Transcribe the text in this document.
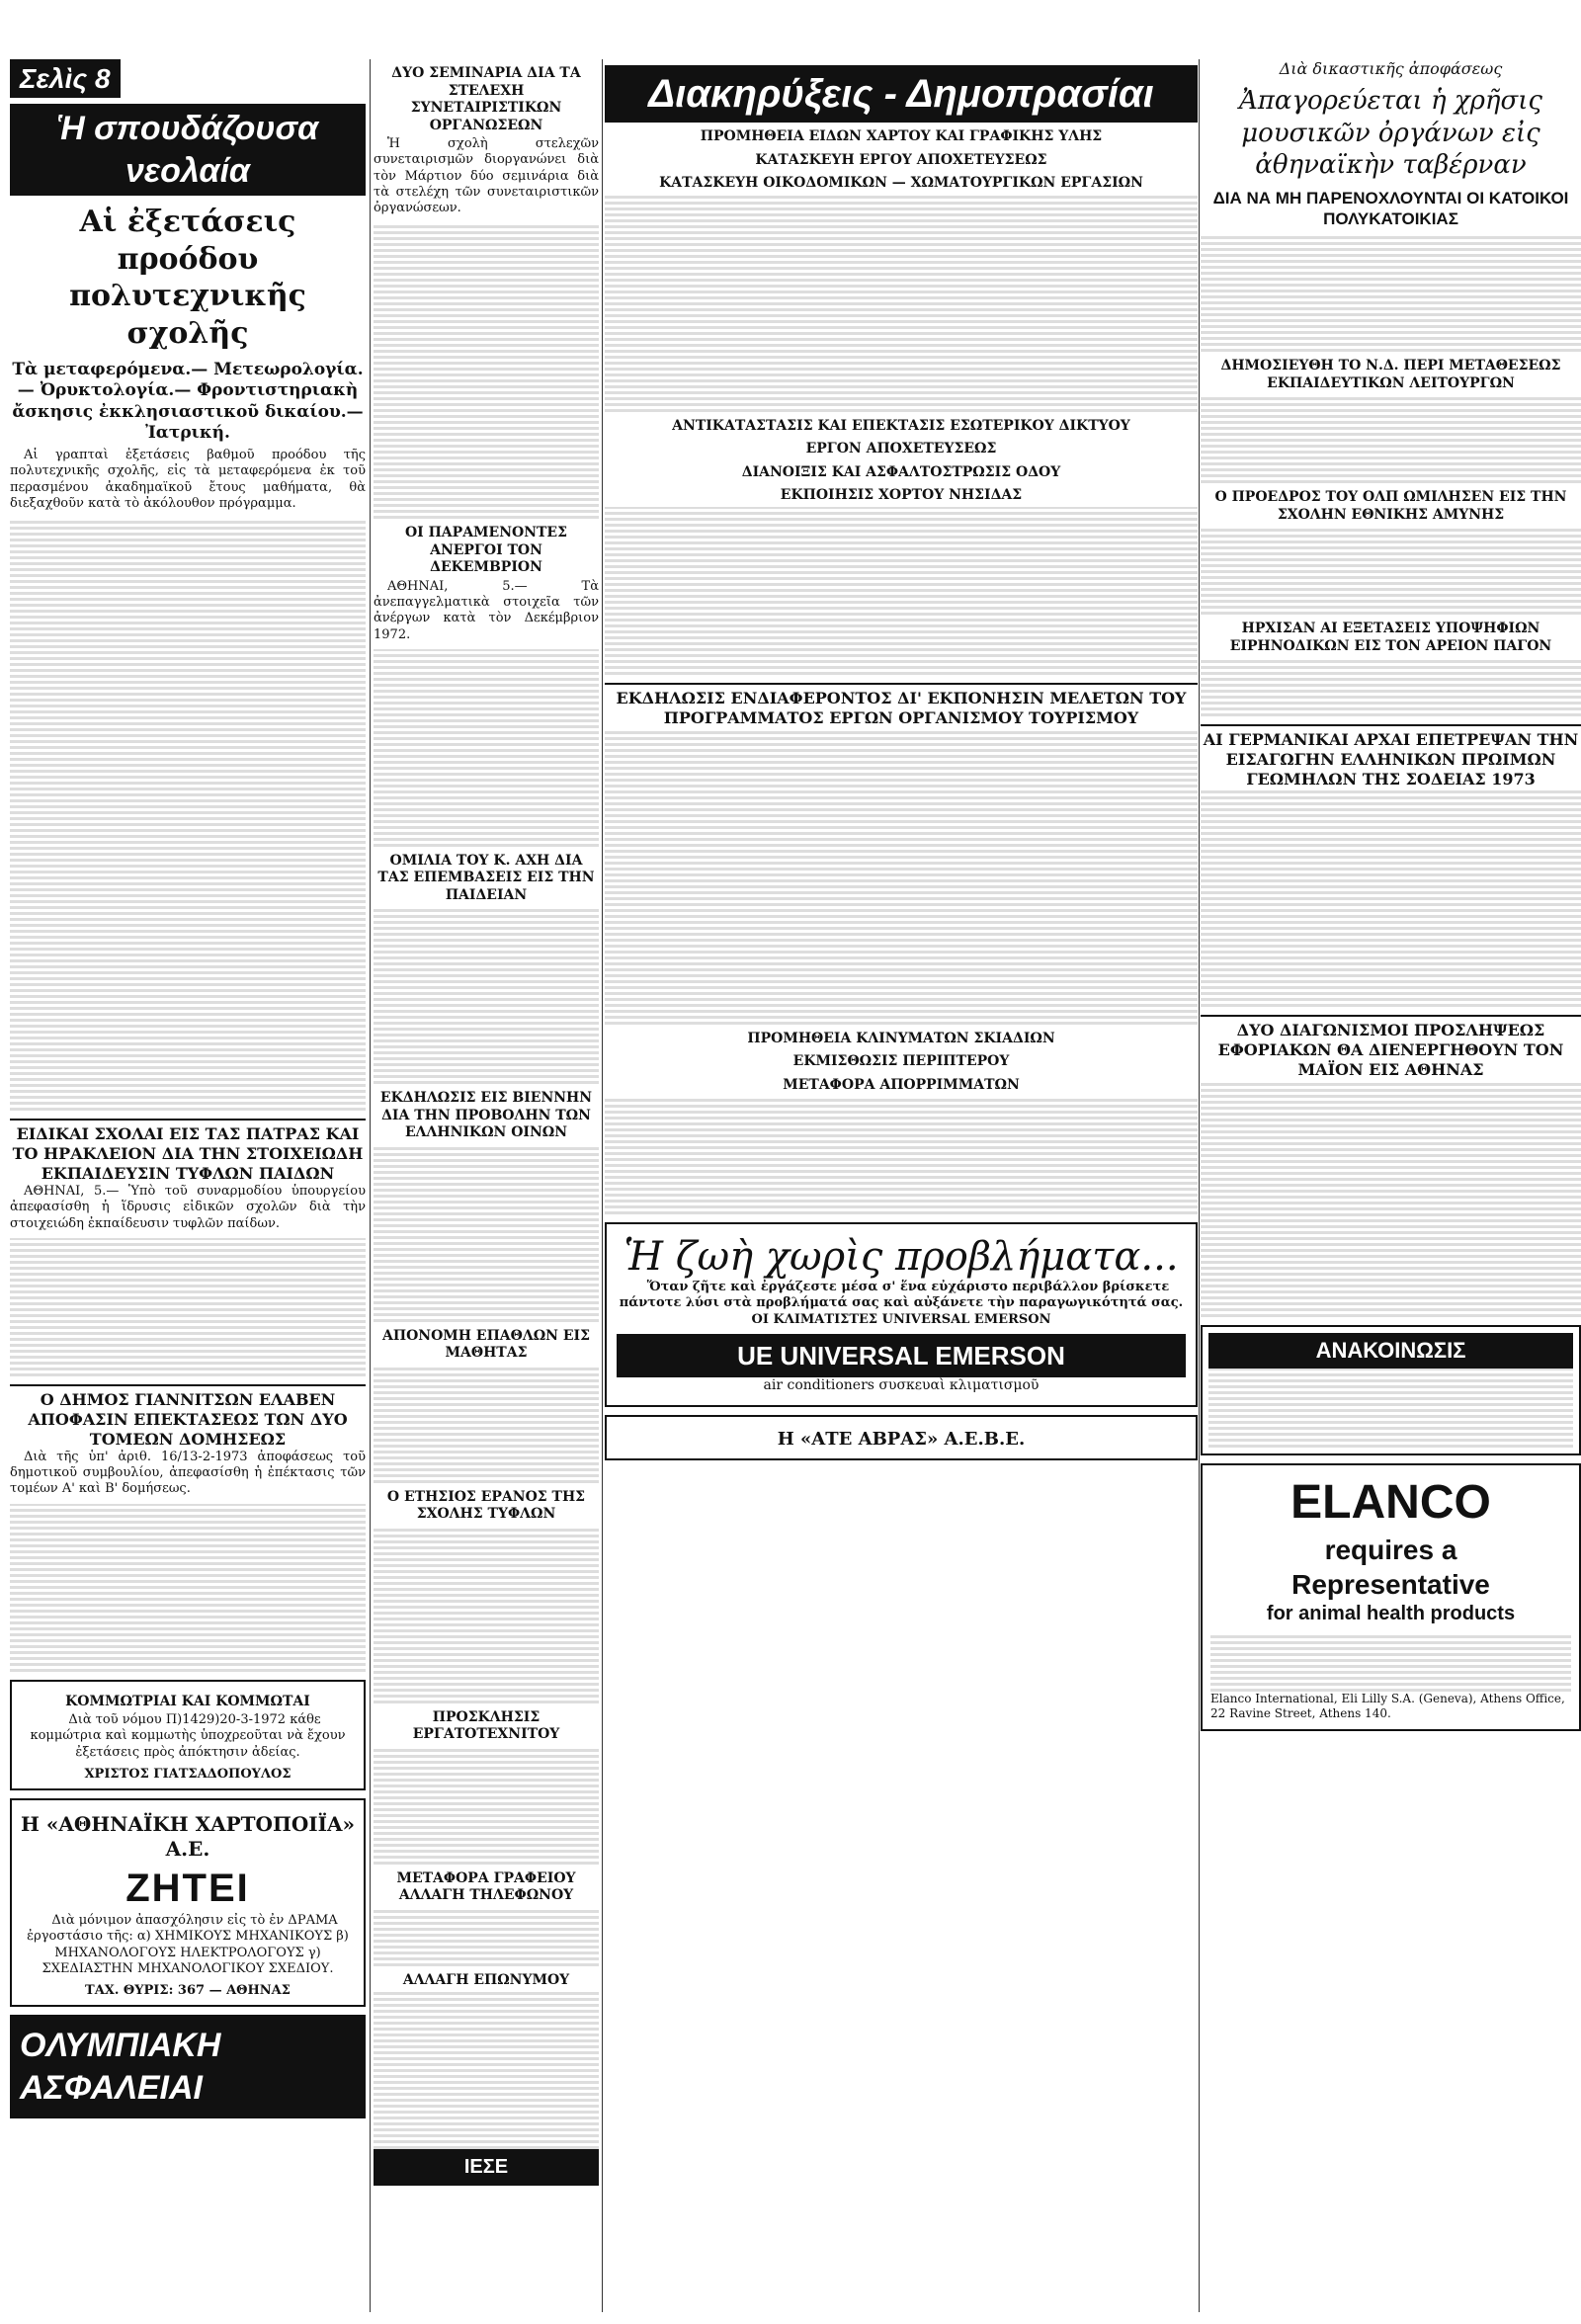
Σελὶς 8
Ἡ σπουδάζουσα νεολαία
Αἱ ἐξετάσεις προόδου πολυτεχνικῆς σχολῆς
Τὰ μεταφερόμενα.— Μετεωρολογία.— Ὀρυκτολογία.— Φροντιστηριακὴ ἄσκησις ἐκκλησιαστικοῦ δικαίου.— Ἰατρική.

Αἱ γραπταὶ ἐξετάσεις βαθμοῦ προόδου τῆς πολυτεχνικῆς σχολῆς, εἰς τὰ μεταφερόμενα ἐκ τοῦ περασμένου ἀκαδημαϊκοῦ ἔτους μαθήματα, θὰ διεξαχθοῦν κατὰ τὸ ἀκόλουθον πρόγραμμα.

ΕΙΔΙΚΑΙ ΣΧΟΛΑΙ ΕΙΣ ΤΑΣ ΠΑΤΡΑΣ ΚΑΙ ΤΟ ΗΡΑΚΛΕΙΟΝ ΔΙΑ ΤΗΝ ΣΤΟΙΧΕΙΩΔΗ ΕΚΠΑΙΔΕΥΣΙΝ ΤΥΦΛΩΝ ΠΑΙΔΩΝ

ΑΘΗΝΑΙ, 5.— Ὑπὸ τοῦ συναρμοδίου ὑπουργείου ἀπεφασίσθη ἡ ἵδρυσις εἰδικῶν σχολῶν διὰ τὴν στοιχειώδη ἐκπαίδευσιν τυφλῶν παίδων.

Ο ΔΗΜΟΣ ΓΙΑΝΝΙΤΣΩΝ ΕΛΑΒΕΝ ΑΠΟΦΑΣΙΝ ΕΠΕΚΤΑΣΕΩΣ ΤΩΝ ΔΥΟ ΤΟΜΕΩΝ ΔΟΜΗΣΕΩΣ

Διὰ τῆς ὑπ' ἀριθ. 16/13-2-1973 ἀποφάσεως τοῦ δημοτικοῦ συμβουλίου, ἀπεφασίσθη ἡ ἐπέκτασις τῶν τομέων Α' καὶ Β' δομήσεως.

ΚΟΜΜΩΤΡΙΑΙ ΚΑΙ ΚΟΜΜΩΤΑΙ

Διὰ τοῦ νόμου Π)1429)20-3-1972 κάθε κομμώτρια καὶ κομμωτὴς ὑποχρεοῦται νὰ ἔχουν ἐξετάσεις πρὸς ἀπόκτησιν ἀδείας.

ΧΡΙΣΤΟΣ ΓΙΑΤΣΑΔΟΠΟΥΛΟΣ
Η «ΑΘΗΝΑΪΚΗ ΧΑΡΤΟΠΟΙΪΑ» Α.Ε.
ΖΗΤΕΙ

Διὰ μόνιμον ἀπασχόλησιν εἰς τὸ ἐν ΔΡΑΜΑ ἐργοστάσιο τῆς: α) ΧΗΜΙΚΟΥΣ ΜΗΧΑΝΙΚΟΥΣ β) ΜΗΧΑΝΟΛΟΓΟΥΣ ΗΛΕΚΤΡΟΛΟΓΟΥΣ γ) ΣΧΕΔΙΑΣΤΗΝ ΜΗΧΑΝΟΛΟΓΙΚΟΥ ΣΧΕΔΙΟΥ.

ΤΑΧ. ΘΥΡΙΣ: 367 — ΑΘΗΝΑΣ
ΟΛΥΜΠΙΑΚΗ ΑΣΦΑΛΕΙΑΙ
ΔΥΟ ΣΕΜΙΝΑΡΙΑ ΔΙΑ ΤΑ ΣΤΕΛΕΧΗ ΣΥΝΕΤΑΙΡΙΣΤΙΚΩΝ ΟΡΓΑΝΩΣΕΩΝ

Ἡ σχολὴ στελεχῶν συνεταιρισμῶν διοργανώνει διὰ τὸν Μάρτιον δύο σεμινάρια διὰ τὰ στελέχη τῶν συνεταιριστικῶν ὀργανώσεων.

ΟΙ ΠΑΡΑΜΕΝΟΝΤΕΣ ΑΝΕΡΓΟΙ ΤΟΝ ΔΕΚΕΜΒΡΙΟΝ

ΑΘΗΝΑΙ, 5.— Τὰ ἀνεπαγγελματικὰ στοιχεῖα τῶν ἀνέργων κατὰ τὸν Δεκέμβριον 1972.

ΟΜΙΛΙΑ ΤΟΥ Κ. ΑΧΗ ΔΙΑ ΤΑΣ ΕΠΕΜΒΑΣΕΙΣ ΕΙΣ ΤΗΝ ΠΑΙΔΕΙΑΝ
ΕΚΔΗΛΩΣΙΣ ΕΙΣ ΒΙΕΝΝΗΝ ΔΙΑ ΤΗΝ ΠΡΟΒΟΛΗΝ ΤΩΝ ΕΛΛΗΝΙΚΩΝ ΟΙΝΩΝ
ΑΠΟΝΟΜΗ ΕΠΑΘΛΩΝ ΕΙΣ ΜΑΘΗΤΑΣ
Ο ΕΤΗΣΙΟΣ ΕΡΑΝΟΣ ΤΗΣ ΣΧΟΛΗΣ ΤΥΦΛΩΝ
ΠΡΟΣΚΛΗΣΙΣ ΕΡΓΑΤΟΤΕΧΝΙΤΟΥ
ΜΕΤΑΦΟΡΑ ΓΡΑΦΕΙΟΥ ΑΛΛΑΓΗ ΤΗΛΕΦΩΝΟΥ
ΑΛΛΑΓΗ ΕΠΩΝΥΜΟΥ
ΙΕΣΕ
Διακηρύξεις - Δημοπρασίαι
ΠΡΟΜΗΘΕΙΑ ΕΙΔΩΝ ΧΑΡΤΟΥ ΚΑΙ ΓΡΑΦΙΚΗΣ ΥΛΗΣ
ΚΑΤΑΣΚΕΥΗ ΕΡΓΟΥ ΑΠΟΧΕΤΕΥΣΕΩΣ
ΚΑΤΑΣΚΕΥΗ ΟΙΚΟΔΟΜΙΚΩΝ — ΧΩΜΑΤΟΥΡΓΙΚΩΝ ΕΡΓΑΣΙΩΝ
ΑΝΤΙΚΑΤΑΣΤΑΣΙΣ ΚΑΙ ΕΠΕΚΤΑΣΙΣ ΕΣΩΤΕΡΙΚΟΥ ΔΙΚΤΥΟΥ
ΕΡΓΟΝ ΑΠΟΧΕΤΕΥΣΕΩΣ
ΔΙΑΝΟΙΞΙΣ ΚΑΙ ΑΣΦΑΛΤΟΣΤΡΩΣΙΣ ΟΔΟΥ
ΕΚΠΟΙΗΣΙΣ ΧΟΡΤΟΥ ΝΗΣΙΔΑΣ
ΕΚΔΗΛΩΣΙΣ ΕΝΔΙΑΦΕΡΟΝΤΟΣ ΔΙ' ΕΚΠΟΝΗΣΙΝ ΜΕΛΕΤΩΝ ΤΟΥ ΠΡΟΓΡΑΜΜΑΤΟΣ ΕΡΓΩΝ ΟΡΓΑΝΙΣΜΟΥ ΤΟΥΡΙΣΜΟΥ
ΠΡΟΜΗΘΕΙΑ ΚΛΙΝΥΜΑΤΩΝ ΣΚΙΑΔΙΩΝ
ΕΚΜΙΣΘΩΣΙΣ ΠΕΡΙΠΤΕΡΟΥ
ΜΕΤΑΦΟΡΑ ΑΠΟΡΡΙΜΜΑΤΩΝ
Ἡ ζωὴ χωρὶς προβλήματα...

Ὅταν ζῆτε καὶ ἐργάζεστε μέσα σ' ἕνα εὐχάριστο περιβάλλον βρίσκετε πάντοτε λύσι στὰ προβλήματά σας καὶ αὐξάνετε τὴν παραγωγικότητά σας. ΟΙ ΚΛΙΜΑΤΙΣΤΕΣ UNIVERSAL EMERSON

UE UNIVERSAL EMERSON
air conditioners συσκευαὶ κλιματισμοῦ
Η «ΑΤΕ ΑΒΡΑΣ» Α.Ε.Β.Ε.
Διὰ δικαστικῆς ἀποφάσεως
Ἀπαγορεύεται ἡ χρῆσις μουσικῶν ὀργάνων εἰς ἀθηναϊκὴν ταβέρναν
ΔΙΑ ΝΑ ΜΗ ΠΑΡΕΝΟΧΛΟΥΝΤΑΙ ΟΙ ΚΑΤΟΙΚΟΙ ΠΟΛΥΚΑΤΟΙΚΙΑΣ
ΔΗΜΟΣΙΕΥΘΗ ΤΟ Ν.Δ. ΠΕΡΙ ΜΕΤΑΘΕΣΕΩΣ ΕΚΠΑΙΔΕΥΤΙΚΩΝ ΛΕΙΤΟΥΡΓΩΝ
Ο ΠΡΟΕΔΡΟΣ ΤΟΥ ΟΛΠ ΩΜΙΛΗΣΕΝ ΕΙΣ ΤΗΝ ΣΧΟΛΗΝ ΕΘΝΙΚΗΣ ΑΜΥΝΗΣ
ΗΡΧΙΣΑΝ ΑΙ ΕΞΕΤΑΣΕΙΣ ΥΠΟΨΗΦΙΩΝ ΕΙΡΗΝΟΔΙΚΩΝ ΕΙΣ ΤΟΝ ΑΡΕΙΟΝ ΠΑΓΟΝ
ΑΙ ΓΕΡΜΑΝΙΚΑΙ ΑΡΧΑΙ ΕΠΕΤΡΕΨΑΝ ΤΗΝ ΕΙΣΑΓΩΓΗΝ ΕΛΛΗΝΙΚΩΝ ΠΡΩΙΜΩΝ ΓΕΩΜΗΛΩΝ ΤΗΣ ΣΟΔΕΙΑΣ 1973
ΔΥΟ ΔΙΑΓΩΝΙΣΜΟΙ ΠΡΟΣΛΗΨΕΩΣ ΕΦΟΡΙΑΚΩΝ ΘΑ ΔΙΕΝΕΡΓΗΘΟΥΝ ΤΟΝ ΜΑΪΟΝ ΕΙΣ ΑΘΗΝΑΣ
ΑΝΑΚΟΙΝΩΣΙΣ
ELANCO
requires a
Representative
for animal health products
Elanco International, Eli Lilly S.A. (Geneva), Athens Office, 22 Ravine Street, Athens 140.
